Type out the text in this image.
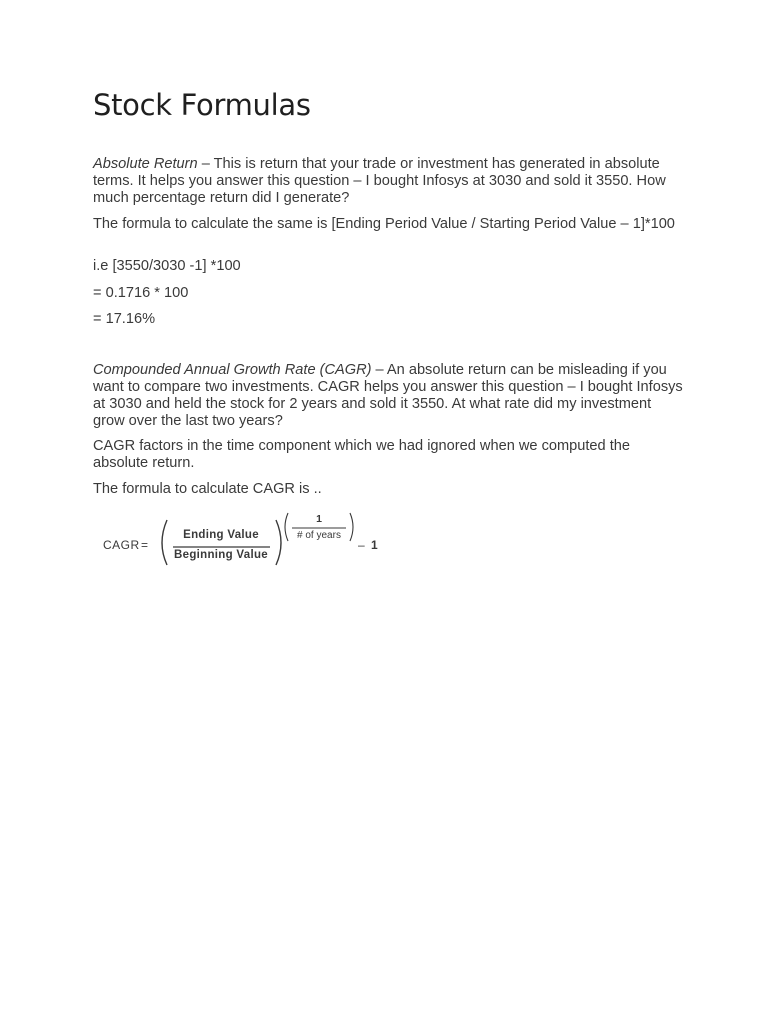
Stock Formulas

Absolute Return – This is return that your trade or investment has generated in absolute terms. It helps you answer this question – I bought Infosys at 3030 and sold it 3550. How much percentage return did I generate?

The formula to calculate the same is [Ending Period Value / Starting Period Value – 1]*100

i.e [3550/3030 -1] *100

= 0.1716 * 100

= 17.16%

Compounded Annual Growth Rate (CAGR) – An absolute return can be misleading if you want to compare two investments. CAGR helps you answer this question – I bought Infosys at 3030 and held the stock for 2 years and sold it 3550. At what rate did my investment grow over the last two years?

CAGR factors in the time component which we had ignored when we computed the absolute return.

The formula to calculate CAGR is ..

CAGR =
Ending Value
Beginning Value
1
# of years
– 1
